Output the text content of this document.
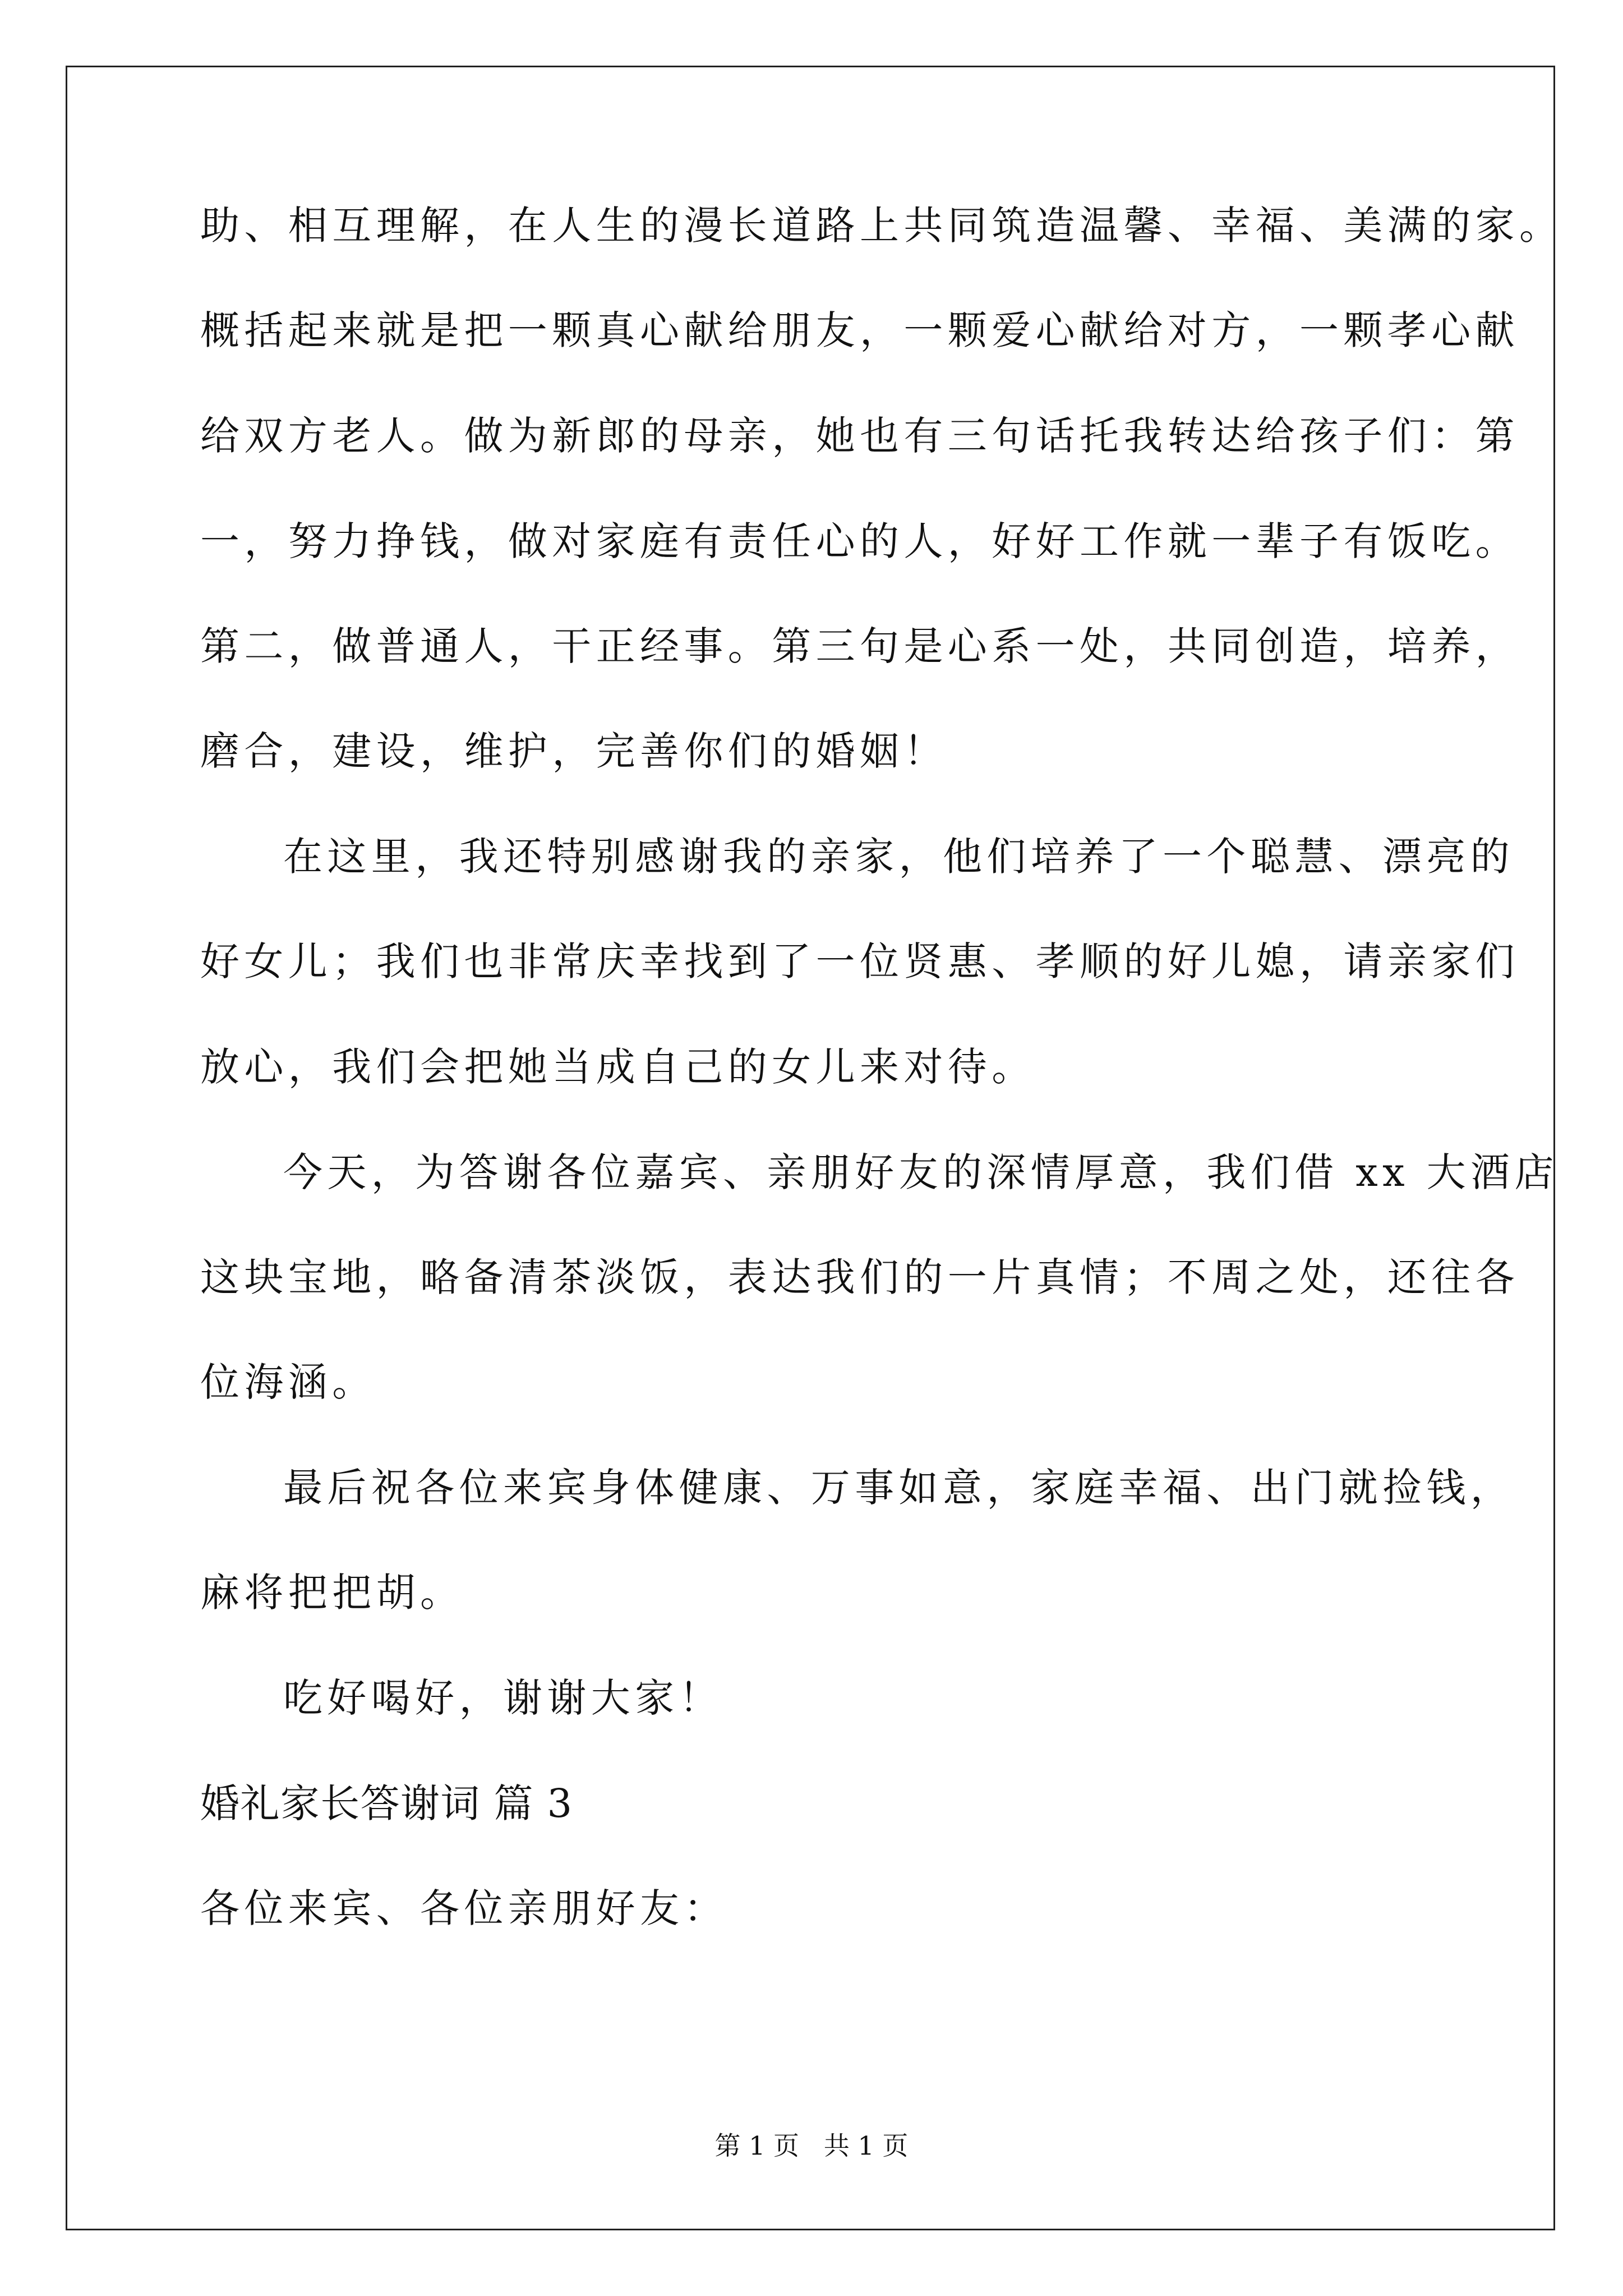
助、相互理解，在人生的漫长道路上共同筑造温馨、幸福、美满的家。
概括起来就是把一颗真心献给朋友，一颗爱心献给对方，一颗孝心献
给双方老人。做为新郎的母亲，她也有三句话托我转达给孩子们：第
一，努力挣钱，做对家庭有责任心的人，好好工作就一辈子有饭吃。
第二，做普通人，干正经事。第三句是心系一处，共同创造，培养，
磨合，建设，维护，完善你们的婚姻！
在这里，我还特别感谢我的亲家，他们培养了一个聪慧、漂亮的
好女儿；我们也非常庆幸找到了一位贤惠、孝顺的好儿媳，请亲家们
放心，我们会把她当成自己的女儿来对待。
今天，为答谢各位嘉宾、亲朋好友的深情厚意，我们借 xx 大酒店
这块宝地，略备清茶淡饭，表达我们的一片真情；不周之处，还往各
位海涵。
最后祝各位来宾身体健康、万事如意，家庭幸福、出门就捡钱，
麻将把把胡。
吃好喝好，谢谢大家！
婚礼家长答谢词 篇 3
各位来宾、各位亲朋好友：
第 1 页   共 1 页
